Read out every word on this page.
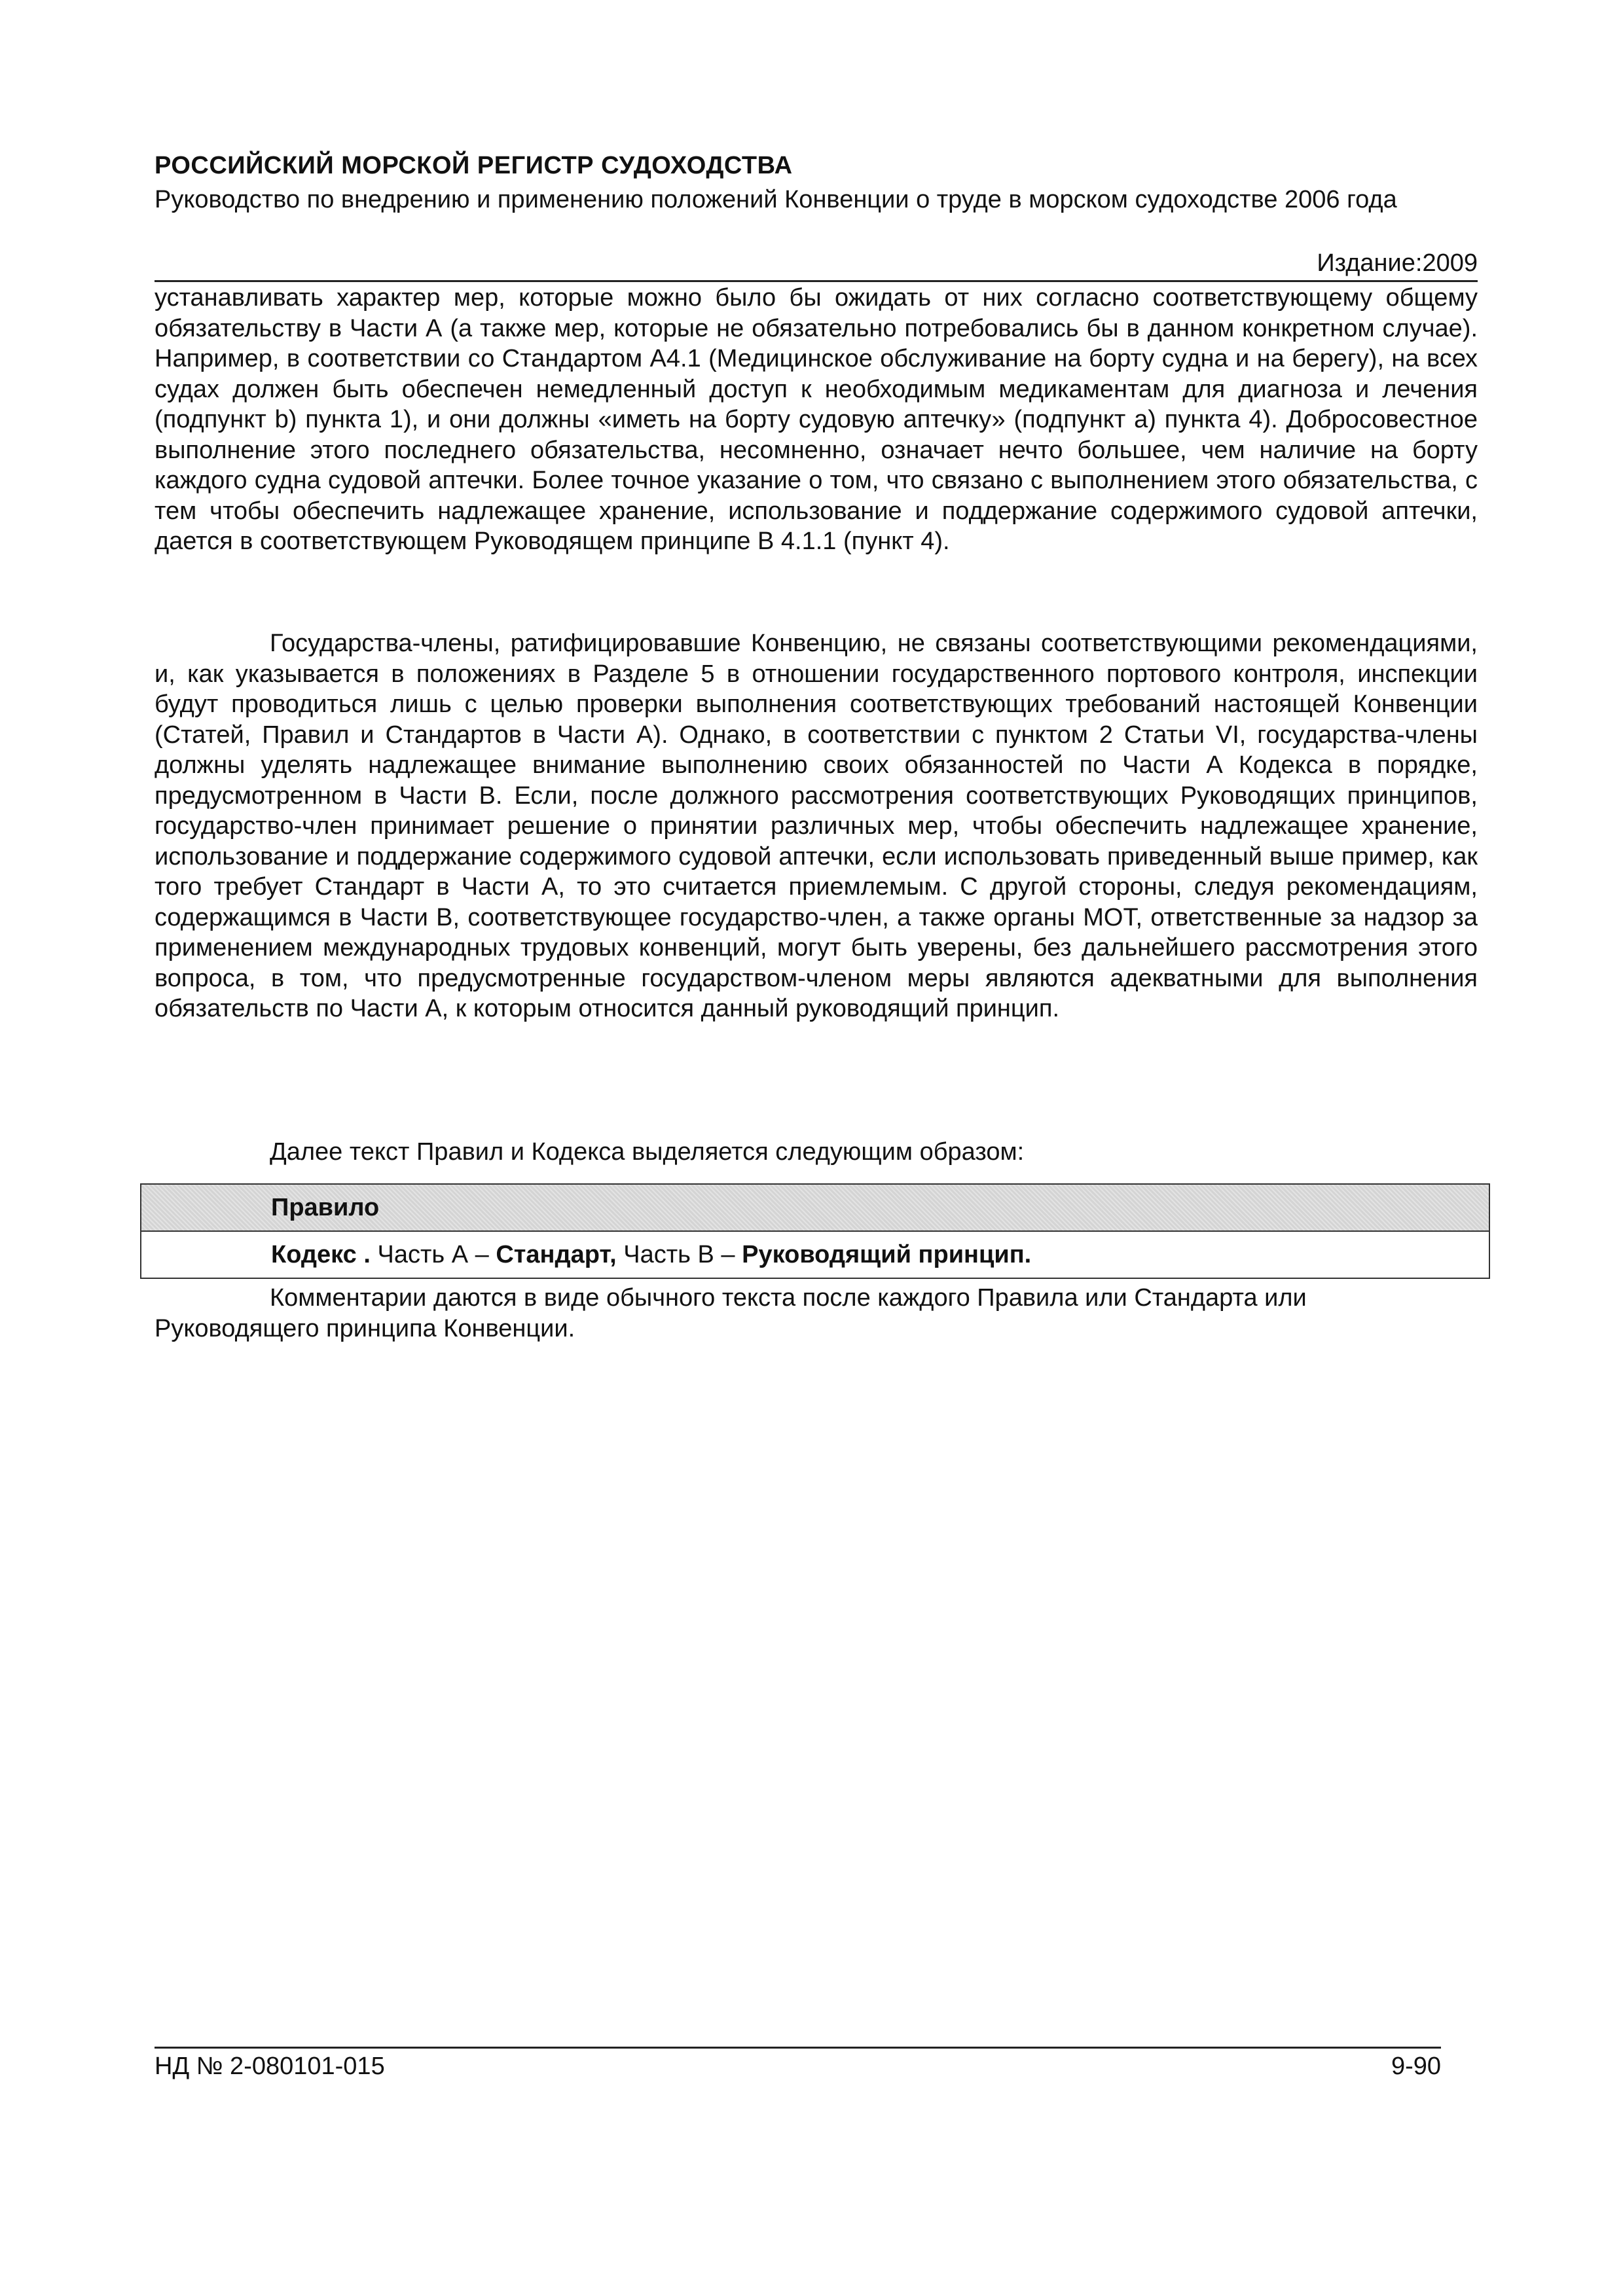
РОССИЙСКИЙ МОРСКОЙ РЕГИСТР СУДОХОДСТВА
Руководство по внедрению и применению положений Конвенции о труде в морском судоходстве 2006 года
Издание:2009
устанавливать характер мер, которые можно было бы ожидать от них согласно соответствующему общему обязательству в Части А (а также мер, которые не обязательно потребовались бы в данном конкретном случае). Например, в соответствии со Стандартом A4.1 (Медицинское обслуживание на борту судна и на берегу), на всех судах должен быть обеспечен немедленный доступ к необходимым медикаментам для диагноза и лечения (подпункт b) пункта 1), и они должны «иметь на борту судовую аптечку» (подпункт а) пункта 4). Добросовестное выполнение этого последнего обязательства, несомненно, означает нечто большее, чем наличие на борту каждого судна судовой аптечки. Более точное указание о том, что связано с выполнением этого обязательства, с тем чтобы обеспечить надлежащее хранение, использование и поддержание содержимого судовой аптечки, дается в соответствующем Руководящем принципе В 4.1.1 (пункт 4).
Государства-члены, ратифицировавшие Конвенцию, не связаны соответствующими рекомендациями, и, как указывается в положениях в Разделе 5 в отношении государственного портового контроля, инспекции будут проводиться лишь с целью проверки выполнения соответствующих требований настоящей Конвенции (Статей, Правил и Стандартов в Части А). Однако, в соответствии с пунктом 2 Статьи VI, государства-члены должны уделять надлежащее внимание выполнению своих обязанностей по Части А Кодекса в порядке, предусмотренном в Части В. Если, после должного рассмотрения соответствующих Руководящих принципов, государство-член принимает решение о принятии различных мер, чтобы обеспечить надлежащее хранение, использование и поддержание содержимого судовой аптечки, если использовать приведенный выше пример, как того требует Стандарт в Части А, то это считается приемлемым. С другой стороны, следуя рекомендациям, содержащимся в Части В, соответствующее государство-член, а также органы МОТ, ответственные за надзор за применением международных трудовых конвенций, могут быть уверены, без дальнейшего рассмотрения этого вопроса, в том, что предусмотренные государством-членом меры являются адекватными для выполнения обязательств по Части А, к которым относится данный руководящий принцип.
Далее текст Правил и Кодекса выделяется следующим образом:
Правило
Кодекс . Часть А – Стандарт, Часть В – Руководящий принцип.
Комментарии даются в виде обычного текста после каждого Правила или Стандарта или
Руководящего принципа Конвенции.
НД № 2-080101-015	9-90
